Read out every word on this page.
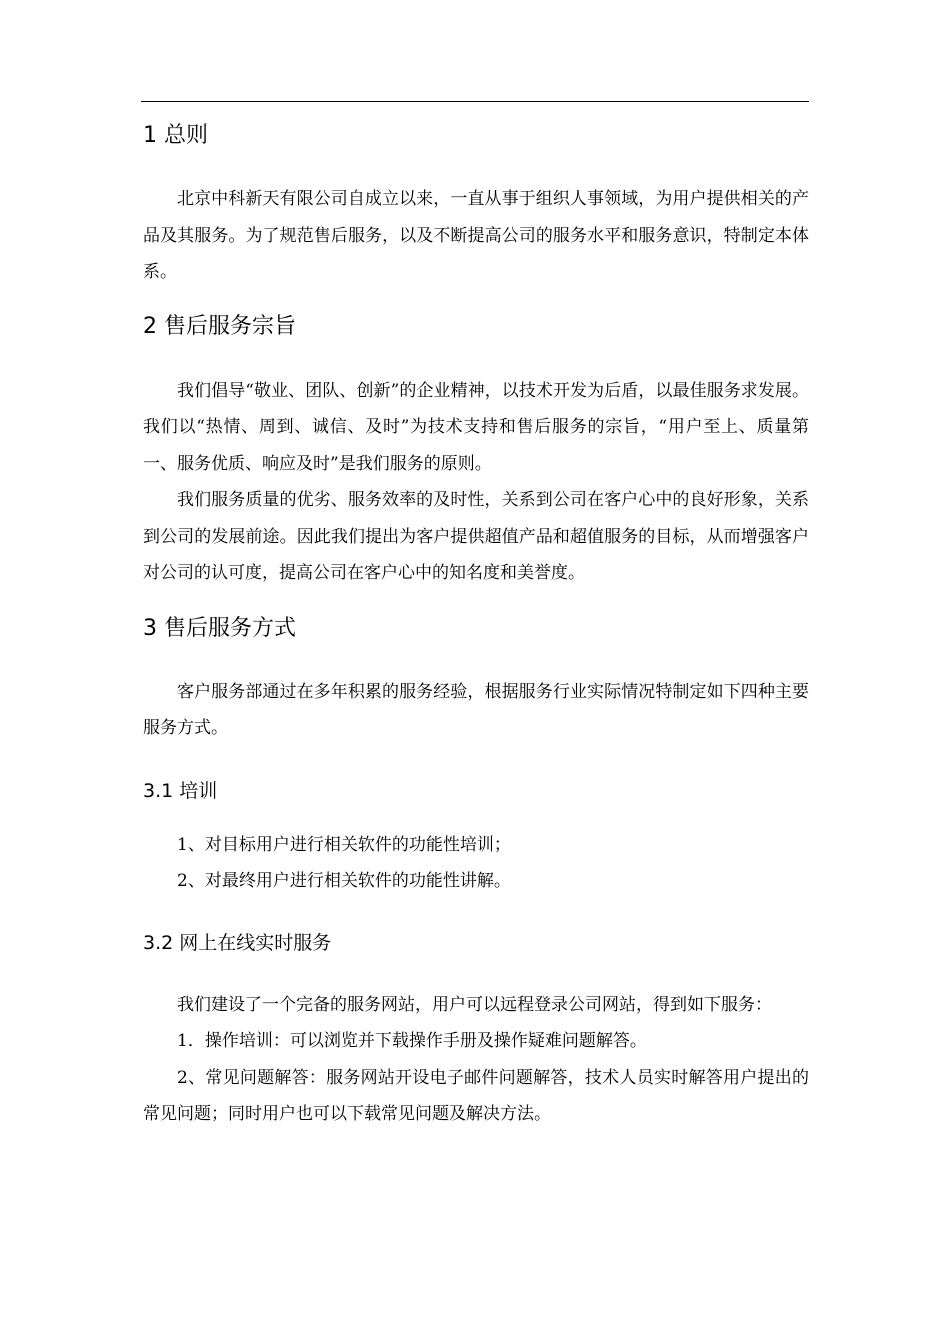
1 总则

北京中科新天有限公司自成立以来，一直从事于组织人事领域，为用户提供相关的产品及其服务。为了规范售后服务，以及不断提高公司的服务水平和服务意识，特制定本体系。

2 售后服务宗旨

我们倡导“敬业、团队、创新”的企业精神，以技术开发为后盾，以最佳服务求发展。我们以“热情、周到、诚信、及时”为技术支持和售后服务的宗旨，“用户至上、质量第一、服务优质、响应及时”是我们服务的原则。

我们服务质量的优劣、服务效率的及时性，关系到公司在客户心中的良好形象，关系到公司的发展前途。因此我们提出为客户提供超值产品和超值服务的目标，从而增强客户对公司的认可度，提高公司在客户心中的知名度和美誉度。

3 售后服务方式

客户服务部通过在多年积累的服务经验，根据服务行业实际情况特制定如下四种主要服务方式。

3.1 培训

1、对目标用户进行相关软件的功能性培训；

2、对最终用户进行相关软件的功能性讲解。

3.2 网上在线实时服务

我们建设了一个完备的服务网站，用户可以远程登录公司网站，得到如下服务：

1．操作培训：可以浏览并下载操作手册及操作疑难问题解答。

2、常见问题解答：服务网站开设电子邮件问题解答，技术人员实时解答用户提出的常见问题；同时用户也可以下载常见问题及解决方法。
